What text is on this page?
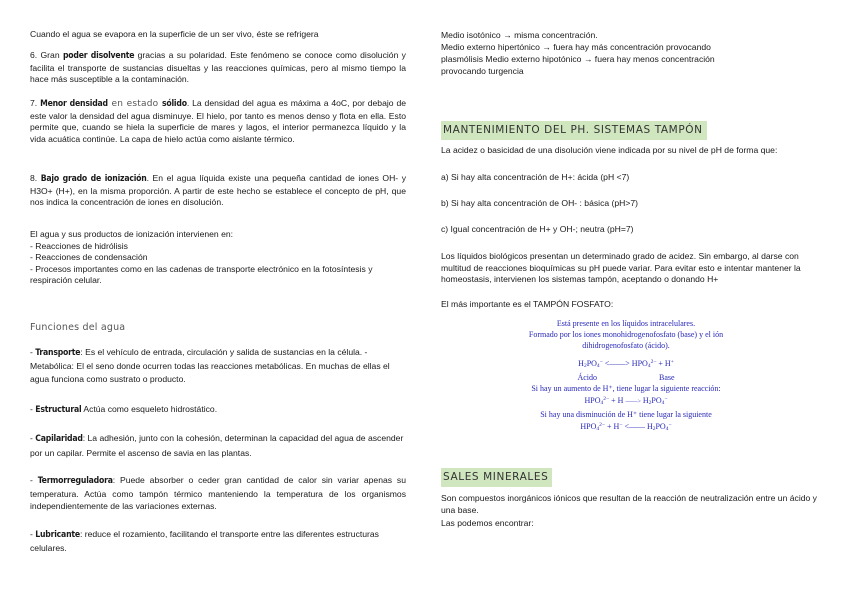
Cuando el agua se evapora en la superficie de un ser vivo, éste se refrigera

6. Gran poder disolvente gracias a su polaridad. Este fenómeno se conoce como disolución y facilita el transporte de sustancias disueltas y las reacciones químicas, pero al mismo tiempo la hace más susceptible a la contaminación.

7. Menor densidad en estado sólido. La densidad del agua es máxima a 4oC, por debajo de este valor la densidad del agua disminuye. El hielo, por tanto es menos denso y flota en ella. Esto permite que, cuando se hiela la superficie de mares y lagos, el interior permanezca líquido y la vida acuática continúe. La capa de hielo actúa como aislante térmico.

8. Bajo grado de ionización. En el agua líquida existe una pequeña cantidad de iones OH- y H3O+ (H+), en la misma proporción. A partir de este hecho se establece el concepto de pH, que nos indica la concentración de iones en disolución.

El agua y sus productos de ionización intervienen en:
- Reacciones de hidrólisis
- Reacciones de condensación
- Procesos importantes como en las cadenas de transporte electrónico en la fotosíntesis y respiración celular.

Funciones del agua

- Transporte: Es el vehículo de entrada, circulación y salida de sustancias en la célula. - Metabólica: El el seno donde ocurren todas las reacciones metabólicas. En muchas de ellas el agua funciona como sustrato o producto.

- Estructural Actúa como esqueleto hidrostático.

- Capilaridad: La adhesión, junto con la cohesión, determinan la capacidad del agua de ascender por un capilar. Permite el ascenso de savia en las plantas.

- Termorreguladora: Puede absorber o ceder gran cantidad de calor sin variar apenas su temperatura. Actúa como tampón térmico manteniendo la temperatura de los organismos independientemente de las variaciones externas.

- Lubricante: reduce el rozamiento, facilitando el transporte entre las diferentes estructuras celulares.

Medio isotónico → misma concentración.
Medio externo hipertónico → fuera hay más concentración provocando
plasmólisis Medio externo hipotónico → fuera hay menos concentración
provocando turgencia

MANTENIMIENTO DEL PH. SISTEMAS TAMPÓN

La acidez o basicidad de una disolución viene indicada por su nivel de pH de forma que:

a) Si hay alta concentración de H+: ácida (pH <7)

b) Si hay alta concentración de OH- : básica (pH>7)

c) Igual concentración de H+ y OH-; neutra (pH=7)

Los líquidos biológicos presentan un determinado grado de acidez. Sin embargo, al darse con multitud de reacciones bioquímicas su pH puede variar. Para evitar esto e intentar mantener la homeostasis, intervienen los sistemas tampón, aceptando o donando H+

El más importante es el TAMPÓN FOSFATO:

Está presente en los líquidos intracelulares.
Formado por los iones monohidrogenofosfato (base) y el ión
dihidrogenofosfato (ácido).
H2PO4− <——> $HPO4^{2-} + H^+$
Ácido	Base
Si hay un aumento de H⁺, tiene lugar la siguiente reacción:
$HPO4^{2-} + H$ ——> H2PO4−
Si hay una disminución de H⁺ tiene lugar la siguiente
$HPO4^{2-} + H^-$ <—— H2PO4−

SALES MINERALES

Son compuestos inorgánicos iónicos que resultan de la reacción de neutralización entre un ácido y una base.

Las podemos encontrar:
